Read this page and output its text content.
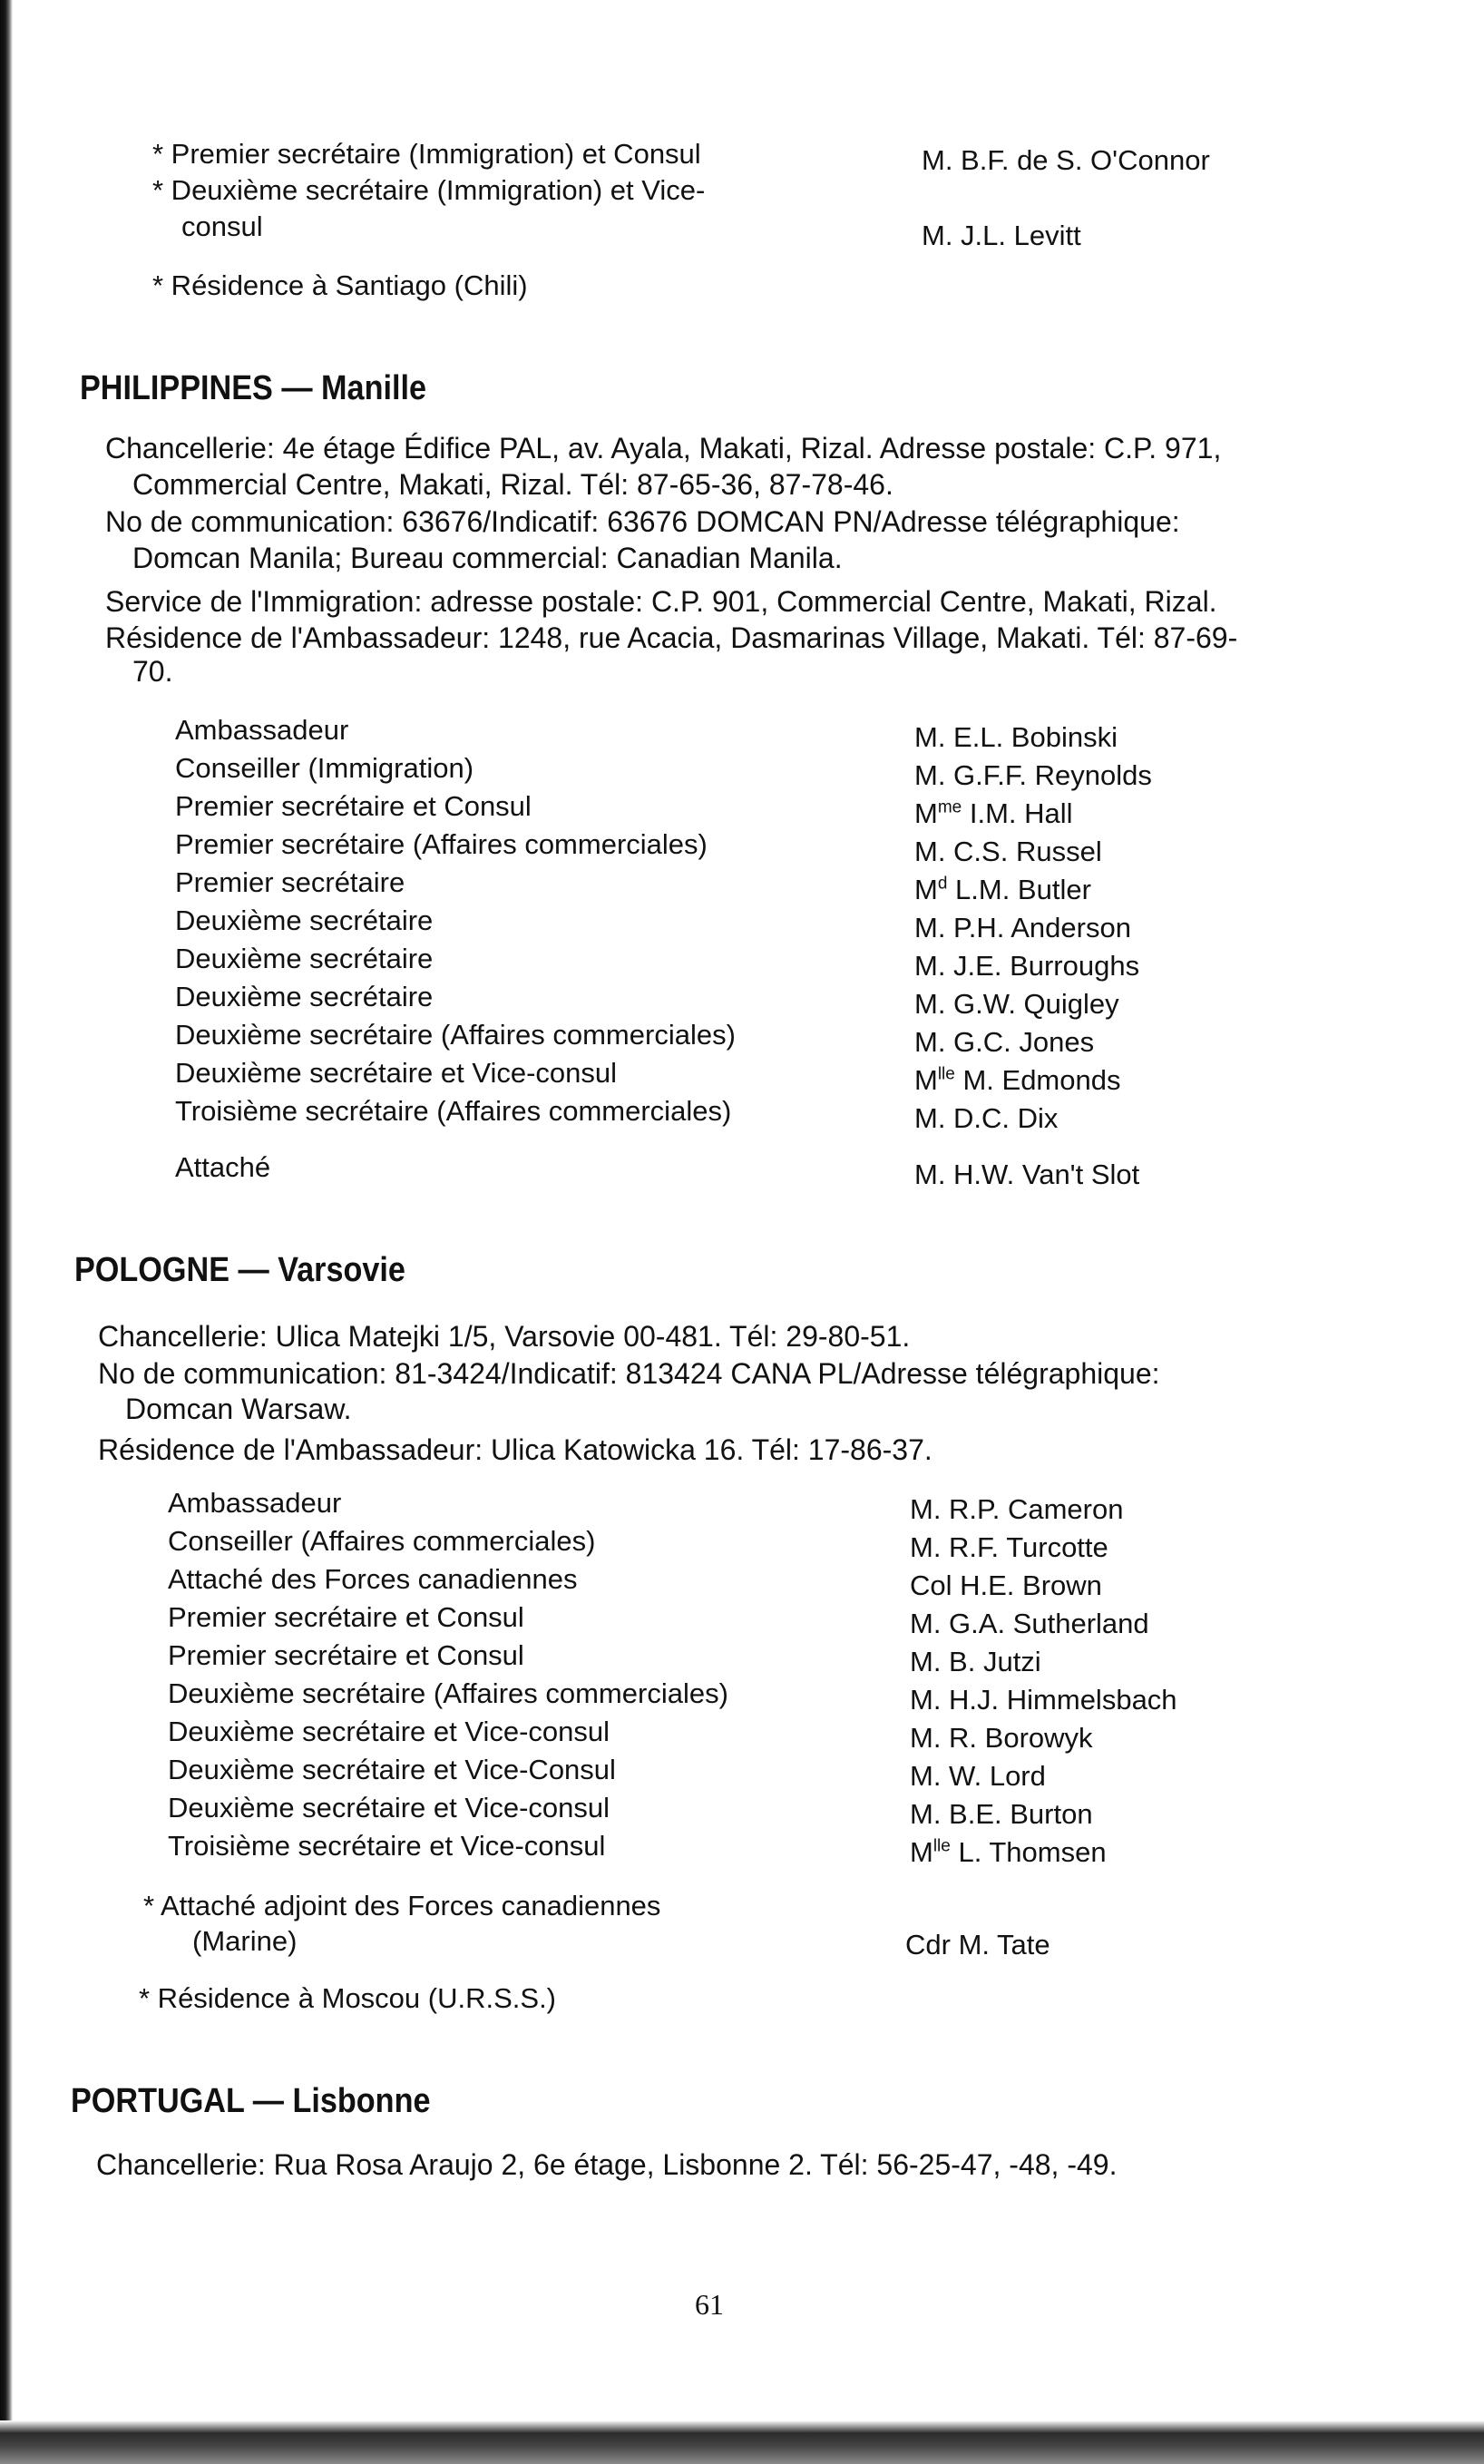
* Premier secrétaire (Immigration) et Consul	M. B.F. de S. O'Connor
* Deuxième secrétaire (Immigration) et Vice-
consul	M. J.L. Levitt
* Résidence à Santiago (Chili)
PHILIPPINES — Manille
Chancellerie: 4e étage Édifice PAL, av. Ayala, Makati, Rizal. Adresse postale: C.P. 971,
Commercial Centre, Makati, Rizal. Tél: 87-65-36, 87-78-46.
No de communication: 63676/Indicatif: 63676 DOMCAN PN/Adresse télégraphique:
Domcan Manila; Bureau commercial: Canadian Manila.
Service de l'Immigration: adresse postale: C.P. 901, Commercial Centre, Makati, Rizal.
Résidence de l'Ambassadeur: 1248, rue Acacia, Dasmarinas Village, Makati. Tél: 87-69-
70.
Ambassadeur	M. E.L. Bobinski
Conseiller (Immigration)	M. G.F.F. Reynolds
Premier secrétaire et Consul	$M^{me}$ I.M. Hall
Premier secrétaire (Affaires commerciales)	M. C.S. Russel
Premier secrétaire	$M^d$ L.M. Butler
Deuxième secrétaire	M. P.H. Anderson
Deuxième secrétaire	M. J.E. Burroughs
Deuxième secrétaire	M. G.W. Quigley
Deuxième secrétaire (Affaires commerciales)	M. G.C. Jones
Deuxième secrétaire et Vice-consul	$M^{lle}$ M. Edmonds
Troisième secrétaire (Affaires commerciales)	M. D.C. Dix
Attaché	M. H.W. Van't Slot
POLOGNE — Varsovie
Chancellerie: Ulica Matejki 1/5, Varsovie 00-481. Tél: 29-80-51.
No de communication: 81-3424/Indicatif: 813424 CANA PL/Adresse télégraphique:
Domcan Warsaw.
Résidence de l'Ambassadeur: Ulica Katowicka 16. Tél: 17-86-37.
Ambassadeur	M. R.P. Cameron
Conseiller (Affaires commerciales)	M. R.F. Turcotte
Attaché des Forces canadiennes	Col H.E. Brown
Premier secrétaire et Consul	M. G.A. Sutherland
Premier secrétaire et Consul	M. B. Jutzi
Deuxième secrétaire (Affaires commerciales)	M. H.J. Himmelsbach
Deuxième secrétaire et Vice-consul	M. R. Borowyk
Deuxième secrétaire et Vice-Consul	M. W. Lord
Deuxième secrétaire et Vice-consul	M. B.E. Burton
Troisième secrétaire et Vice-consul	$M^{lle}$ L. Thomsen
* Attaché adjoint des Forces canadiennes
(Marine)	Cdr M. Tate
* Résidence à Moscou (U.R.S.S.)
PORTUGAL — Lisbonne
Chancellerie: Rua Rosa Araujo 2, 6e étage, Lisbonne 2. Tél: 56-25-47, -48, -49.
61
